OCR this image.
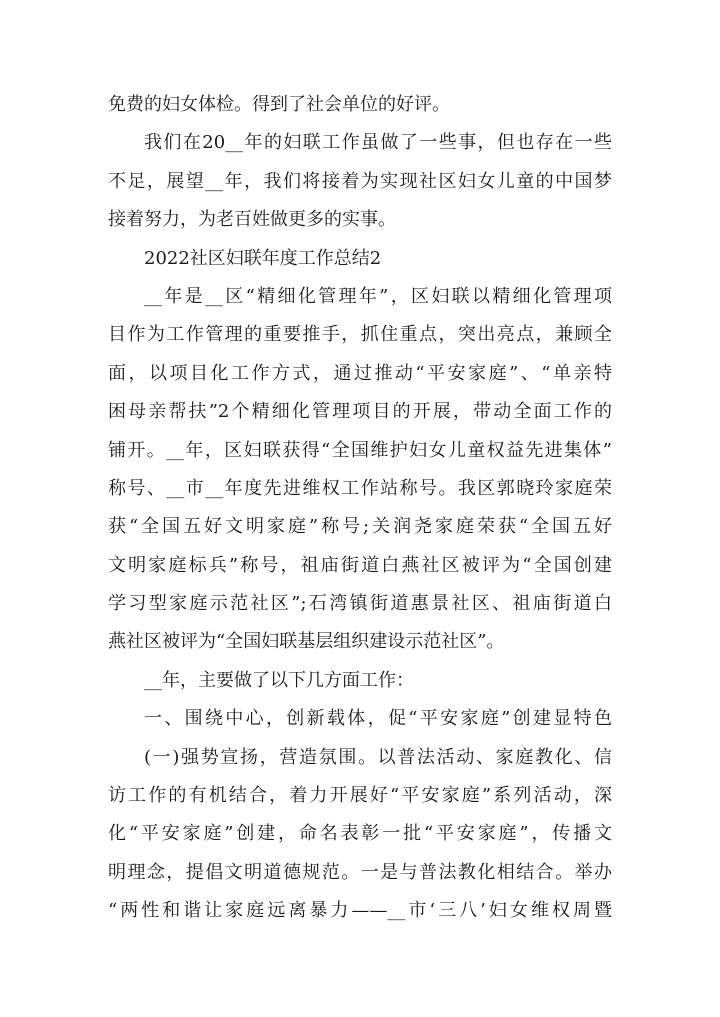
免费的妇女体检。得到了社会单位的好评。
我们在20__年的妇联工作虽做了一些事，但也存在一些
不足，展望__年，我们将接着为实现社区妇女儿童的中国梦
接着努力，为老百姓做更多的实事。
2022社区妇联年度工作总结2
__年是__区“精细化管理年”，区妇联以精细化管理项
目作为工作管理的重要推手，抓住重点，突出亮点，兼顾全
面，以项目化工作方式，通过推动“平安家庭”、“单亲特
困母亲帮扶”2个精细化管理项目的开展，带动全面工作的
铺开。__年，区妇联获得“全国维护妇女儿童权益先进集体”
称号、__市__年度先进维权工作站称号。我区郭晓玲家庭荣
获“全国五好文明家庭”称号;关润尧家庭荣获“全国五好
文明家庭标兵”称号，祖庙街道白燕社区被评为“全国创建
学习型家庭示范社区”;石湾镇街道惠景社区、祖庙街道白
燕社区被评为“全国妇联基层组织建设示范社区”。
__年，主要做了以下几方面工作：
一、围绕中心，创新载体，促“平安家庭”创建显特色
(一)强势宣扬，营造氛围。以普法活动、家庭教化、信
访工作的有机结合，着力开展好“平安家庭”系列活动，深
化“平安家庭”创建，命名表彰一批“平安家庭”，传播文
明理念，提倡文明道德规范。一是与普法教化相结合。举办
“两性和谐让家庭远离暴力——__市‘三八’妇女维权周暨
